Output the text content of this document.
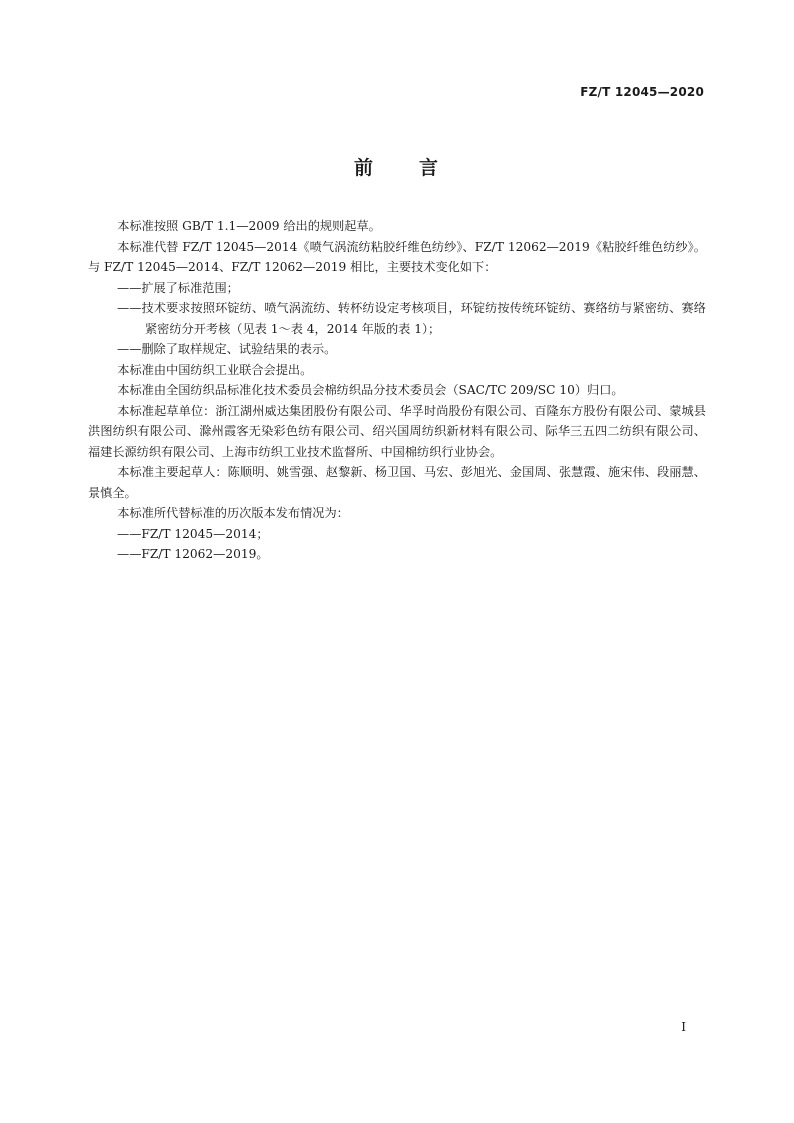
FZ/T 12045—2020
前 言

本标准按照 GB/T 1.1—2009 给出的规则起草。

本标准代替 FZ/T 12045—2014《喷气涡流纺粘胶纤维色纺纱》、FZ/T 12062—2019《粘胶纤维色纺纱》。与 FZ/T 12045—2014、FZ/T 12062—2019 相比，主要技术变化如下：

——扩展了标准范围；

——技术要求按照环锭纺、喷气涡流纺、转杯纺设定考核项目，环锭纺按传统环锭纺、赛络纺与紧密纺、赛络紧密纺分开考核（见表 1～表 4，2014 年版的表 1）；

——删除了取样规定、试验结果的表示。

本标准由中国纺织工业联合会提出。

本标准由全国纺织品标准化技术委员会棉纺织品分技术委员会（SAC/TC 209/SC 10）归口。

本标准起草单位：浙江湖州威达集团股份有限公司、华孚时尚股份有限公司、百隆东方股份有限公司、蒙城县洪图纺织有限公司、滁州霞客无染彩色纺有限公司、绍兴国周纺织新材料有限公司、际华三五四二纺织有限公司、福建长源纺织有限公司、上海市纺织工业技术监督所、中国棉纺织行业协会。

本标准主要起草人：陈顺明、姚雪强、赵黎新、杨卫国、马宏、彭旭光、金国周、张慧霞、施宋伟、段丽慧、景慎全。

本标准所代替标准的历次版本发布情况为：

——FZ/T 12045—2014；

——FZ/T 12062—2019。

I
